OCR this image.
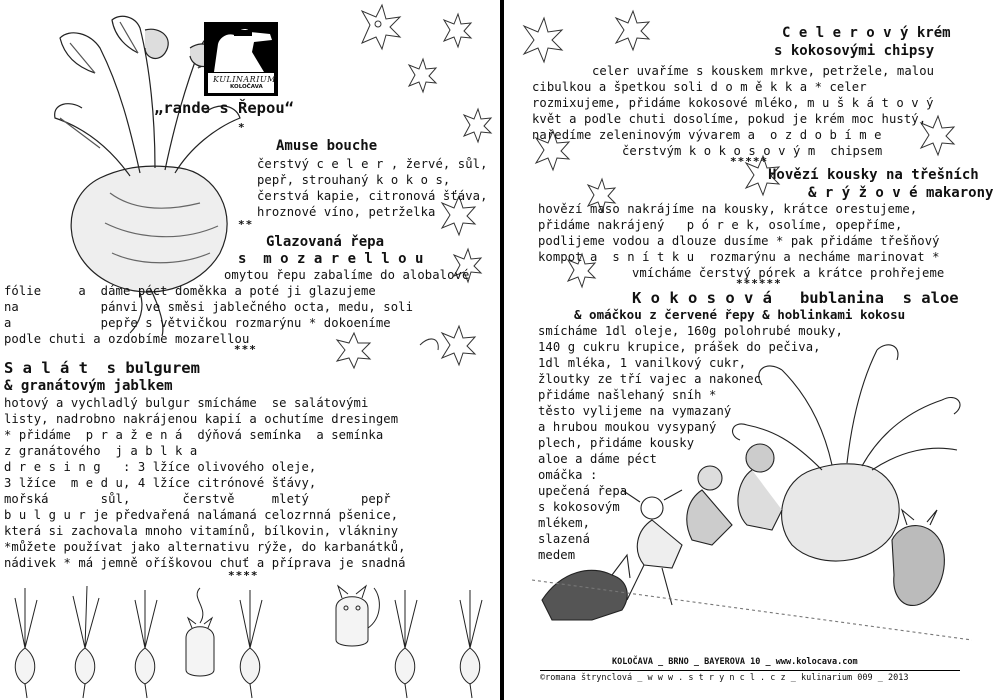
KULINARIUM
KOLOČAVA
„rande s Řepou“
*
Amuse bouche
čerstvý c e l e r , žervé, sůl,
pepř, strouhaný k o k o s,
čerstvá kapie, citronová šťáva,
hroznové víno, petrželka
**
Glazovaná řepa
s  m o z a r e l l o u
omytou řepu zabalíme do alobalové
fólie     a  dáme péct doměkka a poté ji glazujeme
na           pánvi ve směsi jablečného octa, medu, soli
a            pepře s větvičkou rozmarýnu * dokoeníme
podle chuti a ozdobíme mozarellou
***
S a l á t  s bulgurem
& granátovým jablkem
hotový a vychladlý bulgur smícháme  se salátovými
listy, nadrobno nakrájenou kapií a ochutíme dresingem
* přidáme  p r a ž e n á  dýňová semínka  a semínka
z granátového  j a b l k a
d r e s i n g   : 3 lžíce olivového oleje,
3 lžíce  m e d u, 4 lžíce citrónové šťávy,
mořská       sůl,       čerstvě     mletý       pepř
b u l g u r je předvařená nalámaná celozrnná pšenice,
která si zachovala mnoho vitamínů, bílkovin, vlákniny
*můžete používat jako alternativu rýže, do karbanátků,
nádivek * má jemně oříškovou chuť a příprava je snadná
****
C e l e r o v ý krém
s kokosovými chipsy
celer uvaříme s kouskem mrkve, petržele, malou
cibulkou a špetkou soli d o m ě k k a * celer
rozmixujeme, přidáme kokosové mléko, m u š k á t o v ý
květ a podle chuti dosolíme, pokud je krém moc hustý,
naředíme zeleninovým vývarem a  o z d o b í m e
čerstvým k o k o s o v ý m  chipsem
*****
Hovězí kousky na třešních
& r ý ž o v é makarony
hovězí maso nakrájíme na kousky, krátce orestujeme,
přidáme nakrájený   p ó r e k, osolíme, opepříme,
podlijeme vodou a dlouze dusíme * pak přidáme třešňový
kompot a  s n í t k u  rozmarýnu a necháme marinovat *
vmícháme čerstvý pórek a krátce prohřejeme
******
K o k o s o v á   bublanina  s aloe
& omáčkou z červené řepy & hoblinkami kokosu
smícháme 1dl oleje, 160g polohrubé mouky,
140 g cukru krupice, prášek do pečiva,
1dl mléka, 1 vanilkový cukr,
žloutky ze tří vajec a nakonec
přidáme našlehaný sníh *
těsto vylijeme na vymazaný
a hrubou moukou vysypaný
plech, přidáme kousky
aloe a dáme péct
omáčka :
upečená řepa
s kokosovým
mlékem,
slazená
medem
KOLOČAVA _ BRNO _ BAYEROVA 10 _ www.kolocava.com
©romana štrynclová _ w w w . s t r y n c l . c z _ kulinarium 009 _ 2013
